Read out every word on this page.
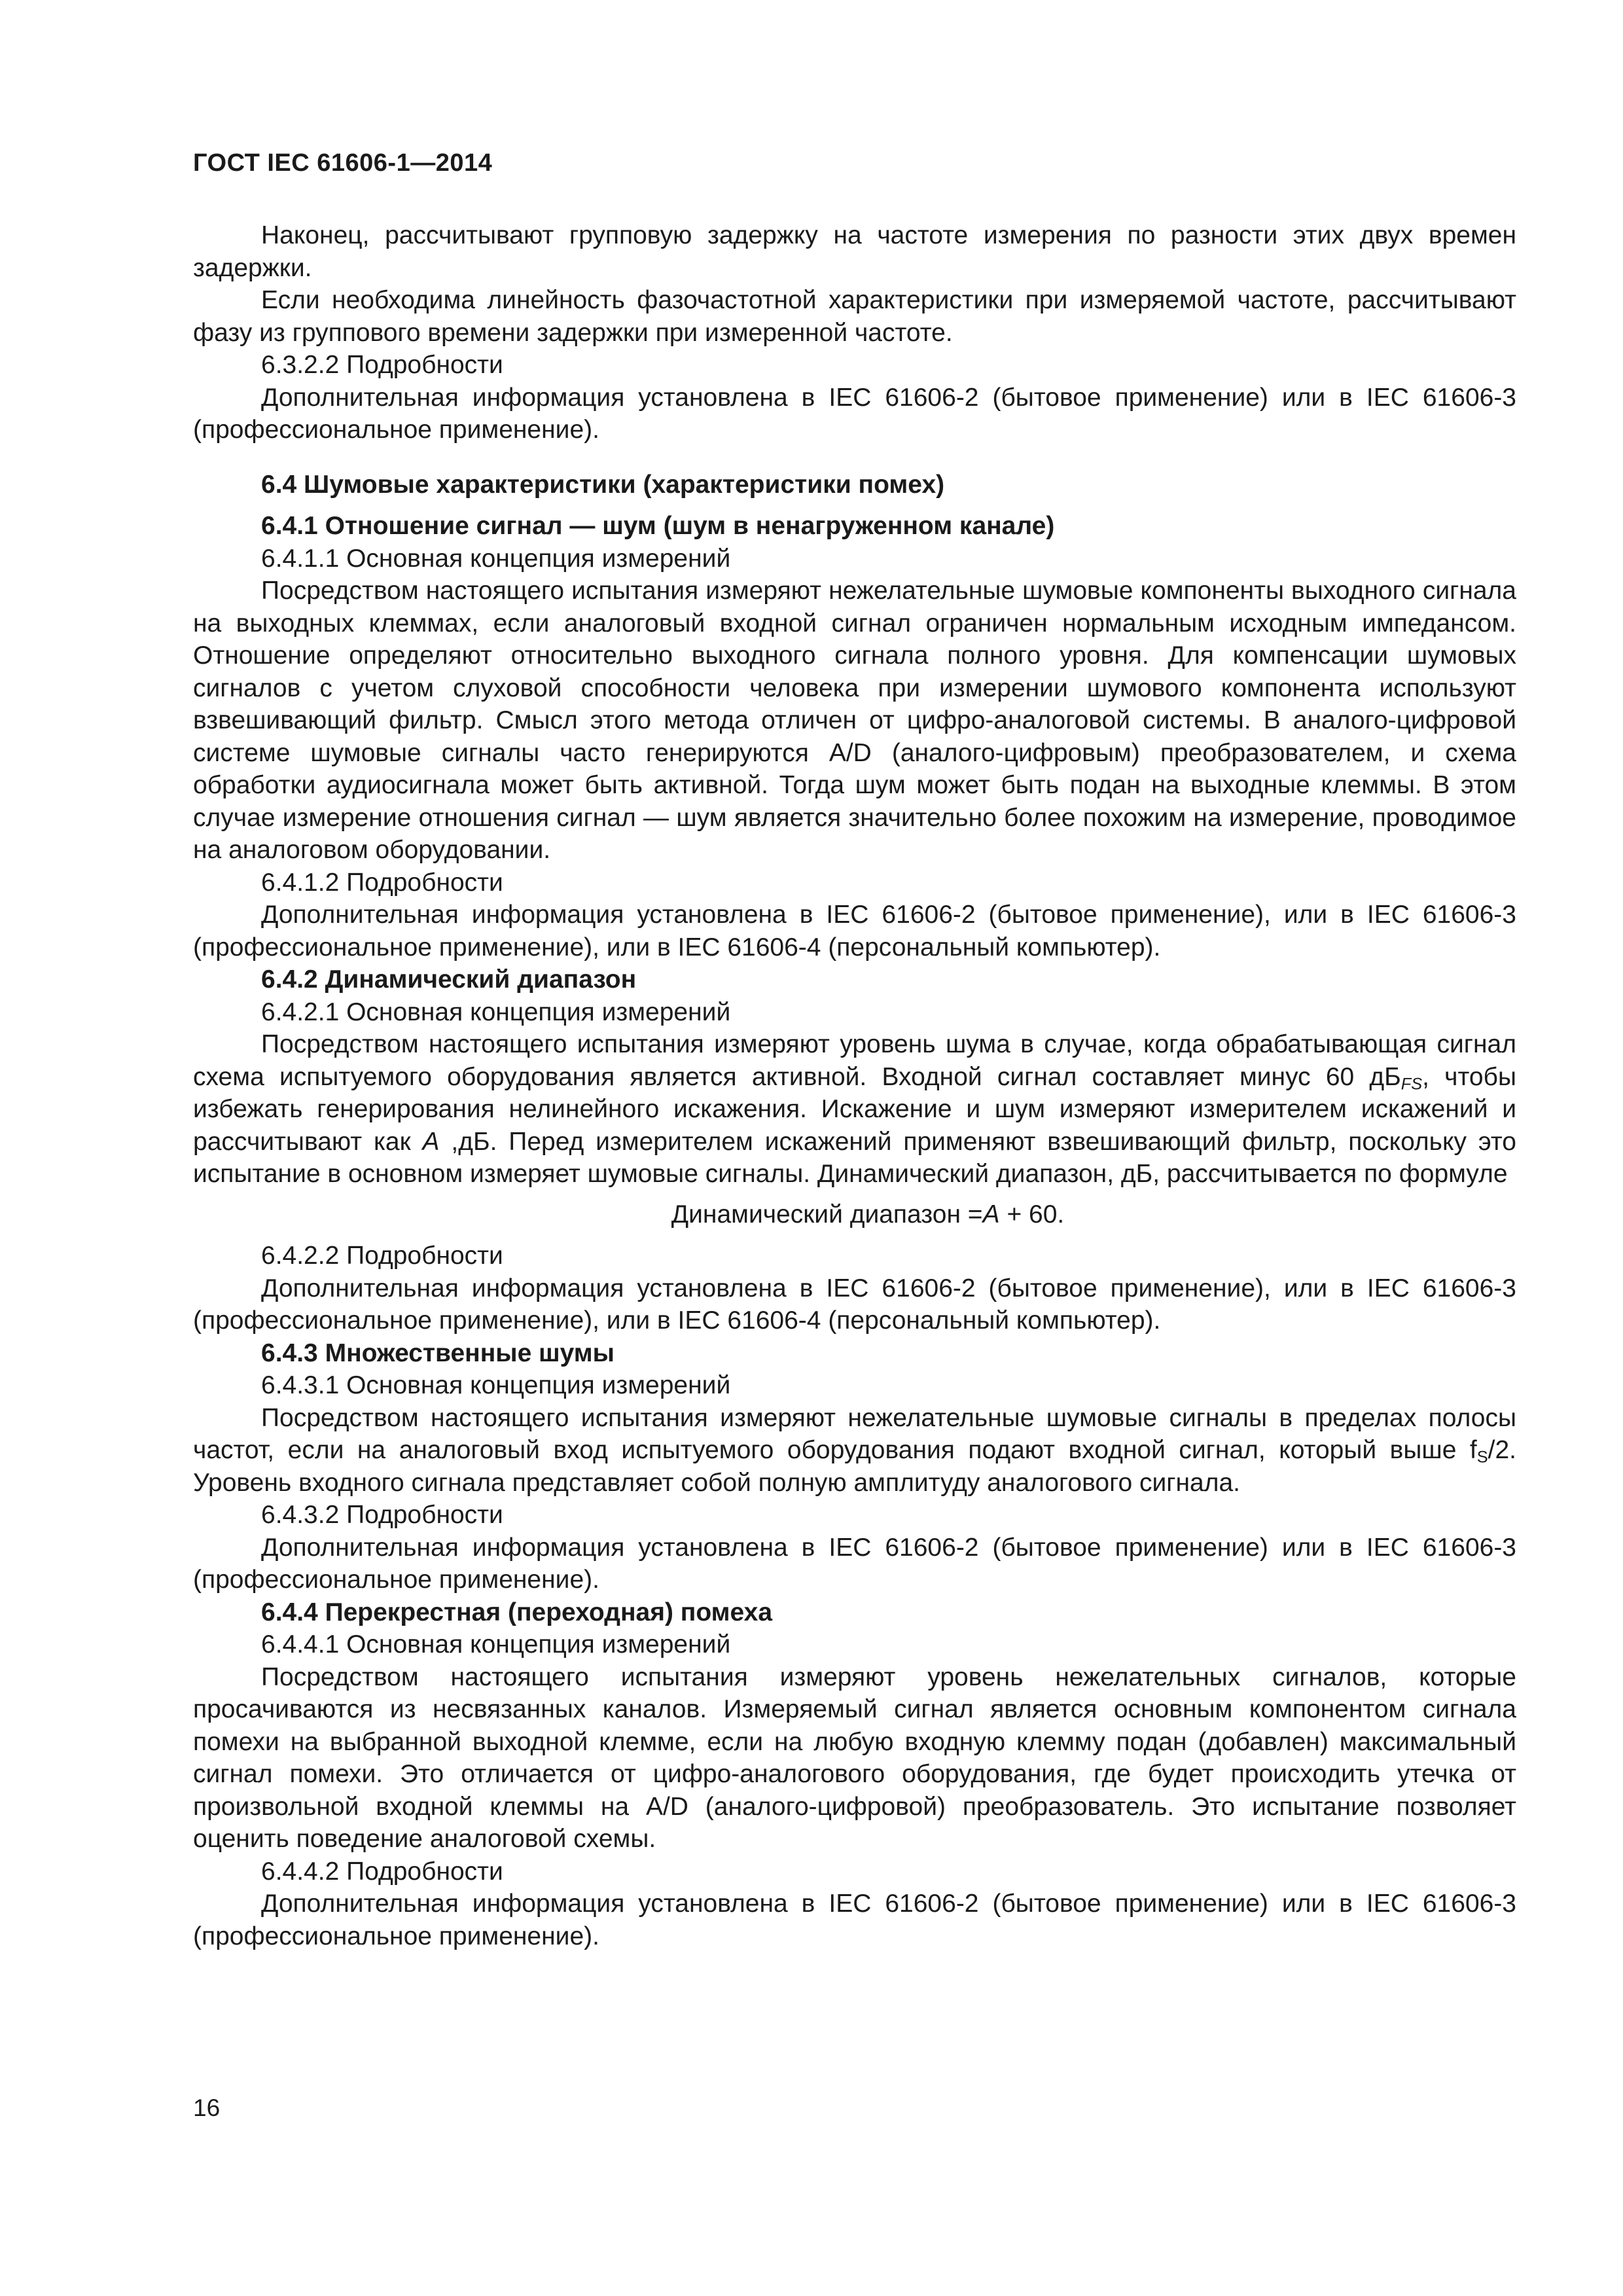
ГОСТ IEC 61606-1—2014

Наконец, рассчитывают групповую задержку на частоте измерения по разности этих двух времен задержки.

Если необходима линейность фазочастотной характеристики при измеряемой частоте, рассчитывают фазу из группового времени задержки при измеренной частоте.

6.3.2.2 Подробности

Дополнительная информация установлена в IEC 61606-2 (бытовое применение) или в IEC 61606-3 (профессиональное применение).

6.4 Шумовые характеристики (характеристики помех)

6.4.1 Отношение сигнал — шум (шум в ненагруженном канале)

6.4.1.1 Основная концепция измерений

Посредством настоящего испытания измеряют нежелательные шумовые компоненты выходного сигнала на выходных клеммах, если аналоговый входной сигнал ограничен нормальным исходным импедансом. Отношение определяют относительно выходного сигнала полного уровня. Для компенсации шумовых сигналов с учетом слуховой способности человека при измерении шумового компонента используют взвешивающий фильтр. Смысл этого метода отличен от цифро-аналоговой системы. В аналого-цифровой системе шумовые сигналы часто генерируются A/D (аналого-цифровым) преобразователем, и схема обработки аудиосигнала может быть активной. Тогда шум может быть подан на выходные клеммы. В этом случае измерение отношения сигнал — шум является значительно более похожим на измерение, проводимое на аналоговом оборудовании.

6.4.1.2 Подробности

Дополнительная информация установлена в IEC 61606-2 (бытовое применение), или в IEC 61606-3 (профессиональное применение), или в IEC 61606-4 (персональный компьютер).

6.4.2 Динамический диапазон

6.4.2.1 Основная концепция измерений

Посредством настоящего испытания измеряют уровень шума в случае, когда обрабатывающая сигнал схема испытуемого оборудования является активной. Входной сигнал составляет минус 60 $дБ_{FS}$, чтобы избежать генерирования нелинейного искажения. Искажение и шум измеряют измерителем искажений и рассчитывают как A ,дБ. Перед измерителем искажений применяют взвешивающий фильтр, поскольку это испытание в основном измеряет шумовые сигналы. Динамический диапазон, дБ, рассчитывается по формуле

Динамический диапазон =A + 60.

6.4.2.2 Подробности

Дополнительная информация установлена в IEC 61606-2 (бытовое применение), или в IEC 61606-3 (профессиональное применение), или в IEC 61606-4 (персональный компьютер).

6.4.3 Множественные шумы

6.4.3.1 Основная концепция измерений

Посредством настоящего испытания измеряют нежелательные шумовые сигналы в пределах полосы частот, если на аналоговый вход испытуемого оборудования подают входной сигнал, который выше $f_S/2$. Уровень входного сигнала представляет собой полную амплитуду аналогового сигнала.

6.4.3.2 Подробности

Дополнительная информация установлена в IEC 61606-2 (бытовое применение) или в IEC 61606-3 (профессиональное применение).

6.4.4 Перекрестная (переходная) помеха

6.4.4.1 Основная концепция измерений

Посредством настоящего испытания измеряют уровень нежелательных сигналов, которые просачиваются из несвязанных каналов. Измеряемый сигнал является основным компонентом сигнала помехи на выбранной выходной клемме, если на любую входную клемму подан (добавлен) максимальный сигнал помехи. Это отличается от цифро-аналогового оборудования, где будет происходить утечка от произвольной входной клеммы на A/D (аналого-цифровой) преобразователь. Это испытание позволяет оценить поведение аналоговой схемы.

6.4.4.2 Подробности

Дополнительная информация установлена в IEC 61606-2 (бытовое применение) или в IEC 61606-3 (профессиональное применение).

16
